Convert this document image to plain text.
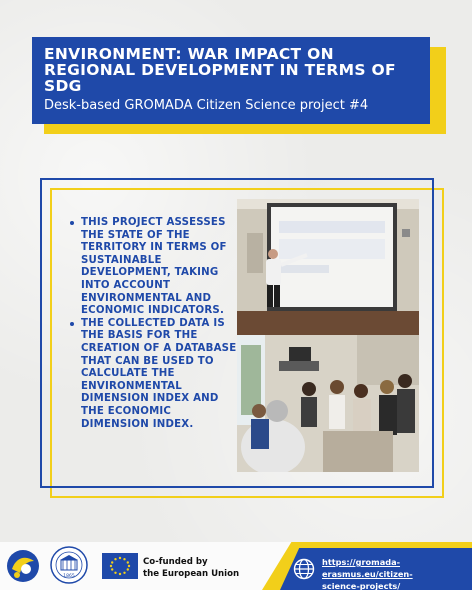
ENVIRONMENT: WAR IMPACT ON REGIONAL DEVELOPMENT IN TERMS OF SDG
Desk-based GROMADA Citizen Science project #4
THIS PROJECT ASSESSES THE STATE OF THE TERRITORY IN TERMS OF SUSTAINABLE DEVELOPMENT, TAKING INTO ACCOUNT ENVIRONMENTAL AND ECONOMIC INDICATORS.
THE COLLECTED DATA IS THE BASIS FOR THE CREATION OF A DATABASE THAT CAN BE USED TO CALCULATE THE ENVIRONMENTAL DIMENSION INDEX AND THE ECONOMIC DIMENSION INDEX.
1865
Co-funded by
the European Union
https://gromada-erasmus.eu/citizen-
science-projects/
